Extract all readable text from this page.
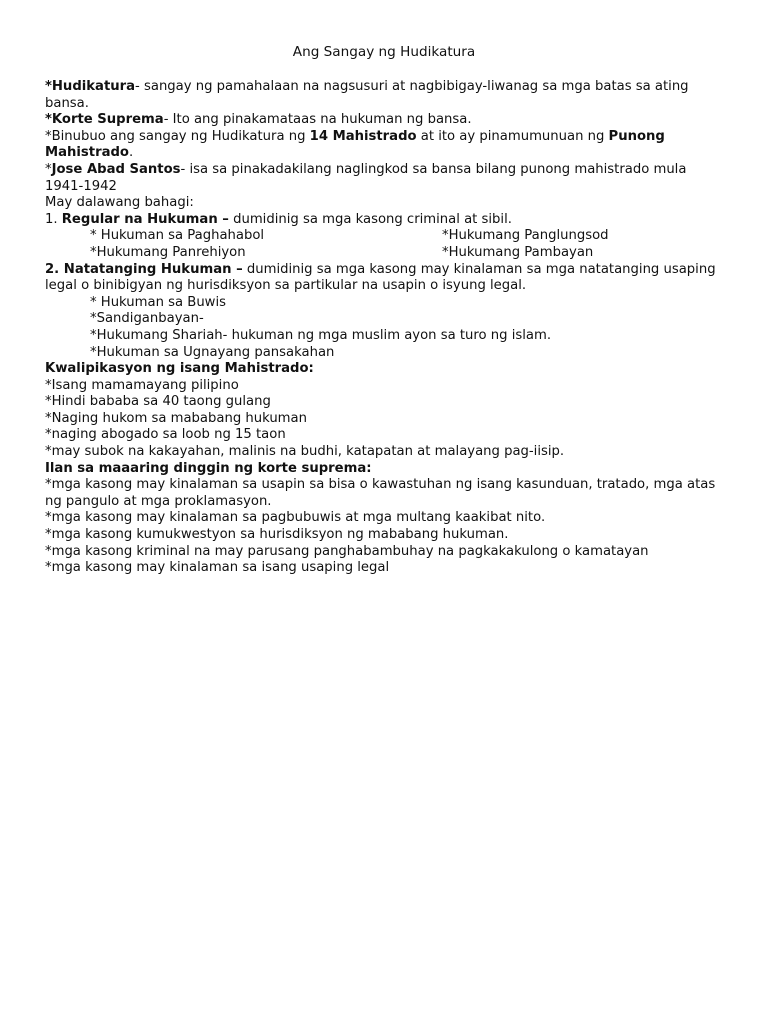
Ang Sangay ng Hudikatura
*Hudikatura- sangay ng pamahalaan na nagsusuri at nagbibigay-liwanag sa mga batas sa ating bansa.
*Korte Suprema- Ito ang pinakamataas na hukuman ng bansa.
*Binubuo ang sangay ng Hudikatura ng 14 Mahistrado at ito ay pinamumunuan ng Punong Mahistrado.
*Jose Abad Santos- isa sa pinakadakilang naglingkod sa bansa bilang punong mahistrado mula 1941-1942
May dalawang bahagi:
1. Regular na Hukuman – dumidinig sa mga kasong criminal at sibil.
* Hukuman sa Paghahabol	*Hukumang Panglungsod
*Hukumang Panrehiyon	*Hukumang Pambayan
2. Natatanging Hukuman – dumidinig sa mga kasong may kinalaman sa mga natatanging usaping legal o binibigyan ng hurisdiksyon sa partikular na usapin o isyung legal.
* Hukuman sa Buwis
*Sandiganbayan-
*Hukumang Shariah- hukuman ng mga muslim ayon sa turo ng islam.
*Hukuman sa Ugnayang pansakahan
Kwalipikasyon ng isang Mahistrado:
*Isang mamamayang pilipino
*Hindi bababa sa 40 taong gulang
*Naging hukom sa mababang hukuman
*naging abogado sa loob ng 15 taon
*may subok na kakayahan, malinis na budhi, katapatan at malayang pag-iisip.
Ilan sa maaaring dinggin ng korte suprema:
*mga kasong may kinalaman sa usapin sa bisa o kawastuhan ng isang kasunduan, tratado, mga atas ng pangulo at mga proklamasyon.
*mga kasong may kinalaman sa pagbubuwis at mga multang kaakibat nito.
*mga kasong kumukwestyon sa hurisdiksyon ng mababang hukuman.
*mga kasong kriminal na may parusang panghabambuhay na pagkakakulong o kamatayan
*mga kasong may kinalaman sa isang usaping legal
